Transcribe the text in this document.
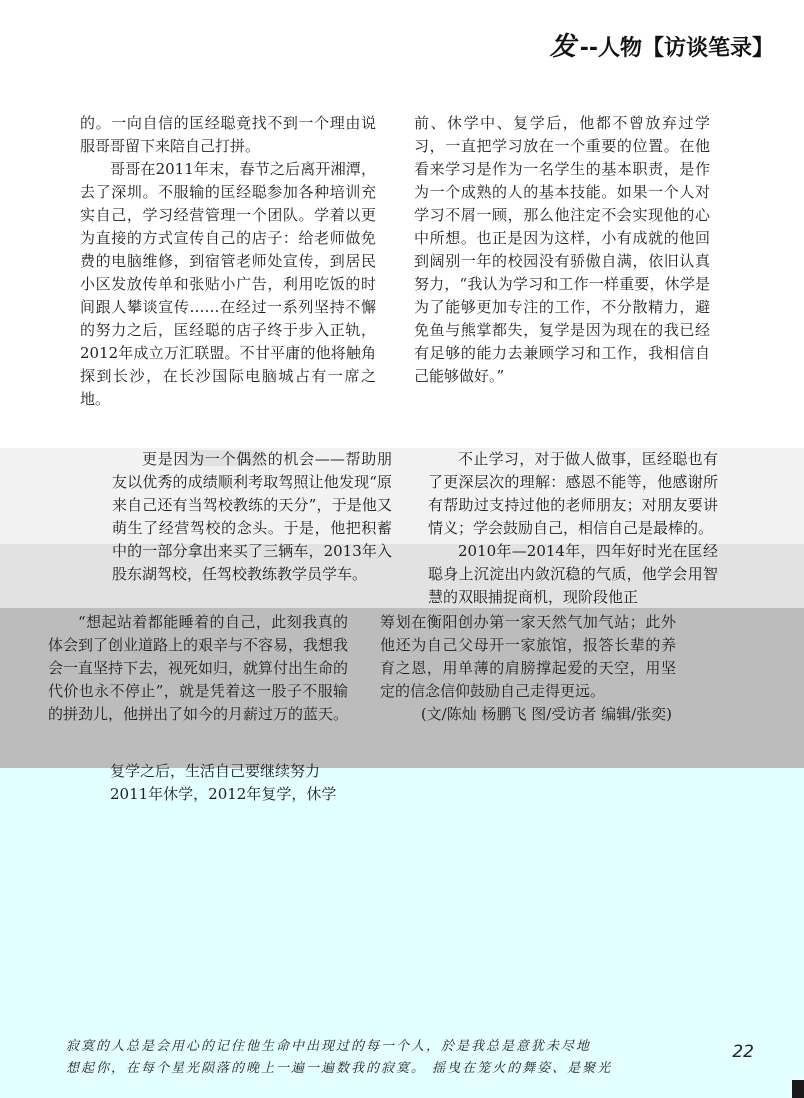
发 --人物【访谈笔录】

的。一向自信的匡经聪竟找不到一个理由说服哥哥留下来陪自己打拼。

哥哥在2011年末，春节之后离开湘潭，去了深圳。不服输的匡经聪参加各种培训充实自己，学习经营管理一个团队。学着以更为直接的方式宣传自己的店子：给老师做免费的电脑维修，到宿管老师处宣传，到居民小区发放传单和张贴小广告，利用吃饭的时间跟人攀谈宣传……在经过一系列坚持不懈的努力之后，匡经聪的店子终于步入正轨，2012年成立万汇联盟。不甘平庸的他将触角探到长沙，在长沙国际电脑城占有一席之地。

前、休学中、复学后，他都不曾放弃过学习，一直把学习放在一个重要的位置。在他看来学习是作为一名学生的基本职责，是作为一个成熟的人的基本技能。如果一个人对学习不屑一顾，那么他注定不会实现他的心中所想。也正是因为这样，小有成就的他回到阔别一年的校园没有骄傲自满，依旧认真努力，“我认为学习和工作一样重要，休学是为了能够更加专注的工作，不分散精力，避免鱼与熊掌都失，复学是因为现在的我已经有足够的能力去兼顾学习和工作，我相信自己能够做好。”

更是因为一个偶然的机会——帮助朋友以优秀的成绩顺利考取驾照让他发现“原来自己还有当驾校教练的天分”，于是他又萌生了经营驾校的念头。于是，他把积蓄中的一部分拿出来买了三辆车，2013年入股东湖驾校，任驾校教练教学员学车。

不止学习，对于做人做事，匡经聪也有了更深层次的理解：感恩不能等，他感谢所有帮助过支持过他的老师朋友；对朋友要讲情义；学会鼓励自己，相信自己是最棒的。

2010年—2014年，四年好时光在匡经聪身上沉淀出内敛沉稳的气质，他学会用智慧的双眼捕捉商机，现阶段他正

“想起站着都能睡着的自己，此刻我真的体会到了创业道路上的艰辛与不容易，我想我会一直坚持下去，视死如归，就算付出生命的代价也永不停止”，就是凭着这一股子不服输的拼劲儿，他拼出了如今的月薪过万的蓝天。

筹划在衡阳创办第一家天然气加气站；此外他还为自己父母开一家旅馆，报答长辈的养育之恩，用单薄的肩膀撑起爱的天空，用坚定的信念信仰鼓励自己走得更远。

(文/陈灿 杨鹏飞 图/受访者 编辑/张奕)

复学之后，生活自己要继续努力

2011年休学，2012年复学，休学

寂寞的人总是会用心的记住他生命中出现过的每一个人，於是我总是意犹未尽地
想起你，在每个星光陨落的晚上一遍一遍数我的寂寞。 摇曳在笼火的舞姿、是聚光
22
